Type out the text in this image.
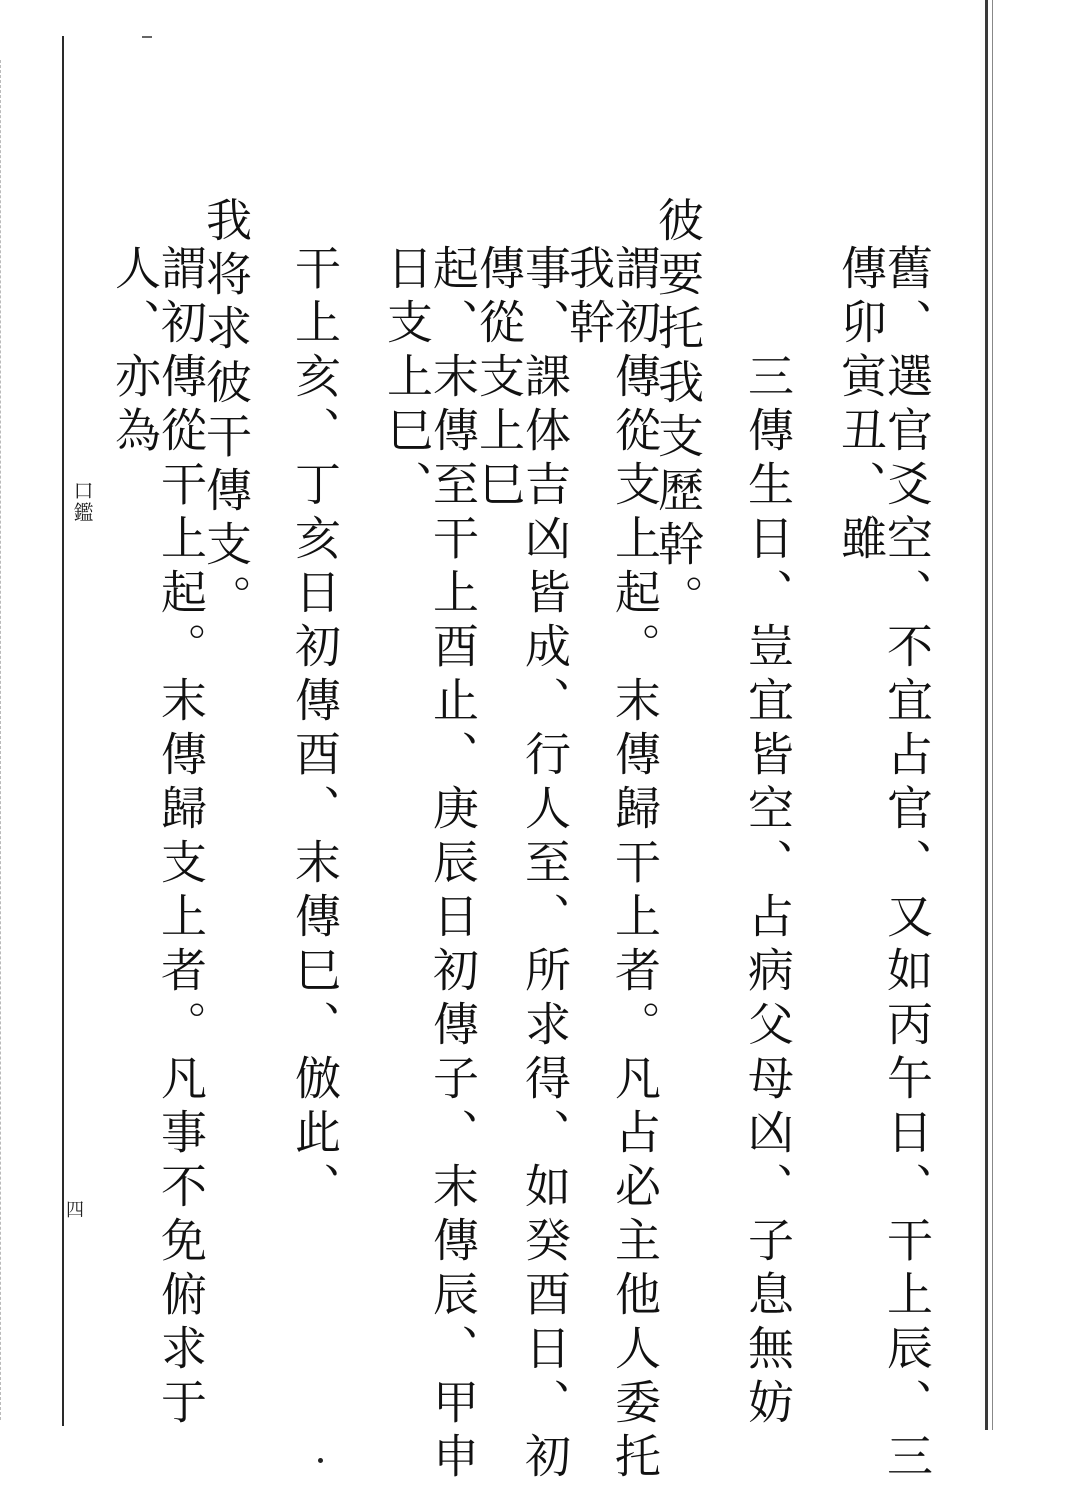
舊、選官爻空、不宜占官、又如丙午日、干上辰、三傳卯寅丑、雖
三傳生日、豈宜皆空、占病父母凶、子息無妨
彼要托我支歷幹。
謂初傳從支上起。末傳歸干上者。凡占必主他人委托我幹
事、課体吉凶皆成、行人至、所求得、如癸酉日、初傳從支上巳
起、末傳至干上酉止、庚辰日初傳子、末傳辰、甲申日支上巳、
干上亥、丁亥日初傳酉、末傳巳、倣此、
我将求彼干傳支。
謂初傳從干上起。末傳歸支上者。凡事不免俯求于人、亦為
口鑑
四
